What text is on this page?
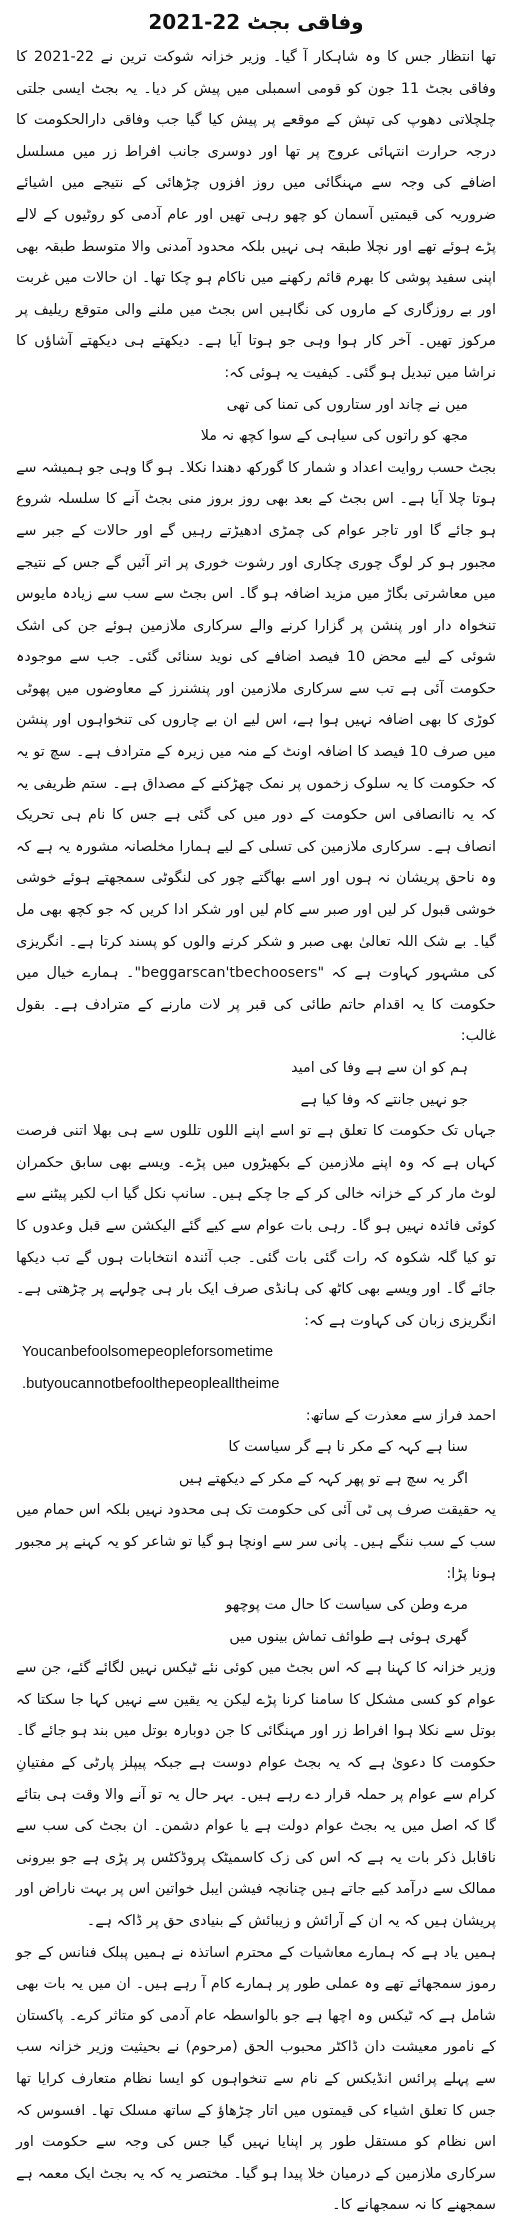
وفاقی بجٹ 22-2021

تھا انتظار جس کا وہ شاہکار آ گیا۔ وزیر خزانہ شوکت ترین نے 22-2021 کا وفاقی بجٹ 11 جون کو قومی اسمبلی میں پیش کر دیا۔ یہ بجٹ ایسی جلتی چلچلاتی دھوپ کی تپش کے موقعے پر پیش کیا گیا جب وفاقی دارالحکومت کا درجہ حرارت انتہائی عروج پر تھا اور دوسری جانب افراط زر میں مسلسل اضافے کی وجہ سے مہنگائی میں روز افزوں چڑھائی کے نتیجے میں اشیائے ضروریہ کی قیمتیں آسمان کو چھو رہی تھیں اور عام آدمی کو روٹیوں کے لالے پڑے ہوئے تھے اور نچلا طبقہ ہی نہیں بلکہ محدود آمدنی والا متوسط طبقہ بھی اپنی سفید پوشی کا بھرم قائم رکھنے میں ناکام ہو چکا تھا۔ ان حالات میں غربت اور بے روزگاری کے ماروں کی نگاہیں اس بجٹ میں ملنے والی متوقع ریلیف پر مرکوز تھیں۔ آخر کار ہوا وہی جو ہوتا آیا ہے۔ دیکھتے ہی دیکھتے آشاؤں کا نراشا میں تبدیل ہو گئی۔ کیفیت یہ ہوئی کہ:

میں نے چاند اور ستاروں کی تمنا کی تھی

مجھ کو راتوں کی سیاہی کے سوا کچھ نہ ملا

بجٹ حسب روایت اعداد و شمار کا گورکھ دھندا نکلا۔ ہو گا وہی جو ہمیشہ سے ہوتا چلا آیا ہے۔ اس بجٹ کے بعد بھی روز بروز منی بجٹ آنے کا سلسلہ شروع ہو جائے گا اور تاجر عوام کی چمڑی ادھیڑتے رہیں گے اور حالات کے جبر سے مجبور ہو کر لوگ چوری چکاری اور رشوت خوری پر اتر آئیں گے جس کے نتیجے میں معاشرتی بگاڑ میں مزید اضافہ ہو گا۔ اس بجٹ سے سب سے زیادہ مایوس تنخواہ دار اور پنشن پر گزارا کرنے والے سرکاری ملازمین ہوئے جن کی اشک شوئی کے لیے محض 10 فیصد اضافے کی نوید سنائی گئی۔ جب سے موجودہ حکومت آئی ہے تب سے سرکاری ملازمین اور پنشنرز کے معاوضوں میں پھوٹی کوڑی کا بھی اضافہ نہیں ہوا ہے، اس لیے ان بے چاروں کی تنخواہوں اور پنشن میں صرف 10 فیصد کا اضافہ اونٹ کے منہ میں زیرہ کے مترادف ہے۔ سچ تو یہ کہ حکومت کا یہ سلوک زخموں پر نمک چھڑکنے کے مصداق ہے۔ ستم ظریفی یہ کہ یہ ناانصافی اس حکومت کے دور میں کی گئی ہے جس کا نام ہی تحریک انصاف ہے۔ سرکاری ملازمین کی تسلی کے لیے ہمارا مخلصانہ مشورہ یہ ہے کہ وہ ناحق پریشان نہ ہوں اور اسے بھاگتے چور کی لنگوٹی سمجھتے ہوئے خوشی خوشی قبول کر لیں اور صبر سے کام لیں اور شکر ادا کریں کہ جو کچھ بھی مل گیا۔ بے شک اللہ تعالیٰ بھی صبر و شکر کرنے والوں کو پسند کرتا ہے۔ انگریزی کی مشہور کہاوت ہے کہ "beggarscan'tbechoosers"۔ ہمارے خیال میں حکومت کا یہ اقدام حاتم طائی کی قبر پر لات مارنے کے مترادف ہے۔ بقول غالب:

ہم کو ان سے ہے وفا کی امید

جو نہیں جانتے کہ وفا کیا ہے

جہاں تک حکومت کا تعلق ہے تو اسے اپنے اللوں تللوں سے ہی بھلا اتنی فرصت کہاں ہے کہ وہ اپنے ملازمین کے بکھیڑوں میں پڑے۔ ویسے بھی سابق حکمران لوٹ مار کر کے خزانہ خالی کر کے جا چکے ہیں۔ سانپ نکل گیا اب لکیر پیٹنے سے کوئی فائدہ نہیں ہو گا۔ رہی بات عوام سے کیے گئے الیکشن سے قبل وعدوں کا تو کیا گلہ شکوہ کہ رات گئی بات گئی۔ جب آئندہ انتخابات ہوں گے تب دیکھا جائے گا۔ اور ویسے بھی کاٹھ کی ہانڈی صرف ایک بار ہی چولہے پر چڑھتی ہے۔ انگریزی زبان کی کہاوت ہے کہ:

Youcanbefoolsomepeopleforsometime

.butyoucannotbefoolthepeoplealltheime

احمد فراز سے معذرت کے ساتھ:

سنا ہے کہہ کے مکر نا ہے گر سیاست کا

اگر یہ سچ ہے تو پھر کہہ کے مکر کے دیکھتے ہیں

یہ حقیقت صرف پی ٹی آئی کی حکومت تک ہی محدود نہیں بلکہ اس حمام میں سب کے سب ننگے ہیں۔ پانی سر سے اونچا ہو گیا تو شاعر کو یہ کہنے پر مجبور ہونا پڑا:

مرے وطن کی سیاست کا حال مت پوچھو

گھری ہوئی ہے طوائف تماش بینوں میں

وزیر خزانہ کا کہنا ہے کہ اس بجٹ میں کوئی نئے ٹیکس نہیں لگائے گئے، جن سے عوام کو کسی مشکل کا سامنا کرنا پڑے لیکن یہ یقین سے نہیں کہا جا سکتا کہ بوتل سے نکلا ہوا افراط زر اور مہنگائی کا جن دوبارہ بوتل میں بند ہو جائے گا۔ حکومت کا دعویٰ ہے کہ یہ بجٹ عوام دوست ہے جبکہ پیپلز پارٹی کے مفتیانِ کرام سے عوام پر حملہ قرار دے رہے ہیں۔ بہر حال یہ تو آنے والا وقت ہی بتائے گا کہ اصل میں یہ بجٹ عوام دولت ہے یا عوام دشمن۔ ان بجٹ کی سب سے ناقابل ذکر بات یہ ہے کہ اس کی زک کاسمیٹک پروڈکٹس پر پڑی ہے جو بیرونی ممالک سے درآمد کیے جاتے ہیں چنانچہ فیشن ایبل خواتین اس پر بہت ناراض اور پریشان ہیں کہ یہ ان کے آرائش و زیبائش کے بنیادی حق پر ڈاکہ ہے۔

ہمیں یاد ہے کہ ہمارے معاشیات کے محترم اساتذہ نے ہمیں پبلک فنانس کے جو رموز سمجھائے تھے وہ عملی طور پر ہمارے کام آ رہے ہیں۔ ان میں یہ بات بھی شامل ہے کہ ٹیکس وہ اچھا ہے جو بالواسطہ عام آدمی کو متاثر کرے۔ پاکستان کے نامور معیشت دان ڈاکٹر محبوب الحق (مرحوم) نے بحیثیت وزیر خزانہ سب سے پہلے پرائس انڈیکس کے نام سے تنخواہوں کو ایسا نظام متعارف کرایا تھا جس کا تعلق اشیاء کی قیمتوں میں اتار چڑھاؤ کے ساتھ مسلک تھا۔ افسوس کہ اس نظام کو مستقل طور پر اپنایا نہیں گیا جس کی وجہ سے حکومت اور سرکاری ملازمین کے درمیان خلا پیدا ہو گیا۔ مختصر یہ کہ یہ بجٹ ایک معمہ ہے سمجھنے کا نہ سمجھانے کا۔
